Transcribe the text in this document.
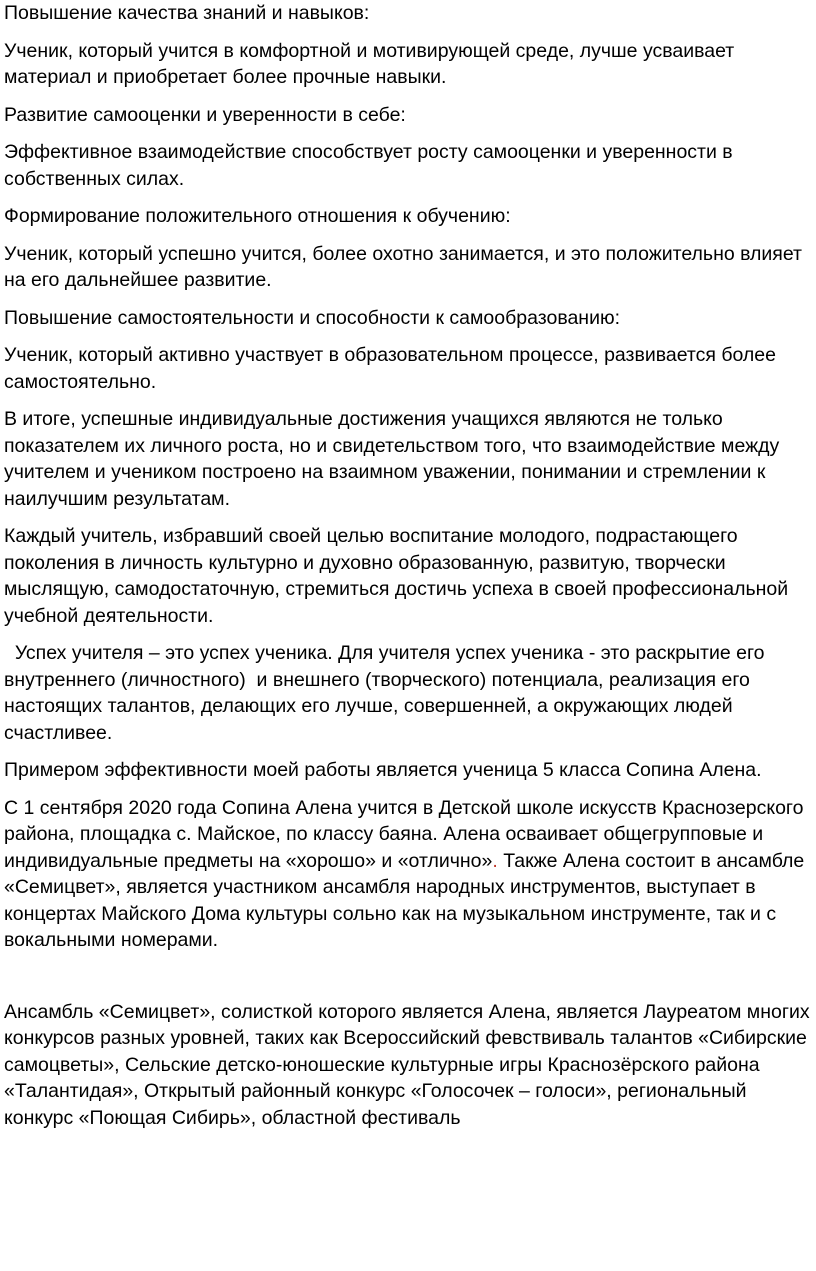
Повышение качества знаний и навыков:

Ученик, который учится в комфортной и мотивирующей среде, лучше усваивает материал и приобретает более прочные навыки.

Развитие самооценки и уверенности в себе:

Эффективное взаимодействие способствует росту самооценки и уверенности в собственных силах.

Формирование положительного отношения к обучению:

Ученик, который успешно учится, более охотно занимается, и это положительно влияет на его дальнейшее развитие.

Повышение самостоятельности и способности к самообразованию:

Ученик, который активно участвует в образовательном процессе, развивается более самостоятельно.

В итоге, успешные индивидуальные достижения учащихся являются не только показателем их личного роста, но и свидетельством того, что взаимодействие между учителем и учеником построено на взаимном уважении, понимании и стремлении к наилучшим результатам.

Каждый учитель, избравший своей целью воспитание молодого, подрастающего поколения в личность культурно и духовно образованную, развитую, творчески мыслящую, самодостаточную, стремиться достичь успеха в своей профессиональной учебной деятельности.

Успех учителя – это успех ученика. Для учителя успех ученика - это раскрытие его внутреннего (личностного)  и внешнего (творческого) потенциала, реализация его настоящих талантов, делающих его лучше, совершенней, а окружающих людей счастливее.

Примером эффективности моей работы является ученица 5 класса Сопина Алена.

С 1 сентября 2020 года Сопина Алена учится в Детской школе искусств Краснозерского района, площадка с. Майское, по классу баяна. Алена осваивает общегрупповые и индивидуальные предметы на «хорошо» и «отлично». Также Алена состоит в ансамбле «Семицвет», является участником ансамбля народных инструментов, выступает в концертах Майского Дома культуры сольно как на музыкальном инструменте, так и с вокальными номерами.

Ансамбль «Семицвет», солисткой которого является Алена, является Лауреатом многих конкурсов разных уровней, таких как Всероссийский февствиваль талантов «Сибирские самоцветы», Сельские детско-юношеские культурные игры Краснозёрского района «Талантидая», Открытый районный конкурс «Голосочек – голоси», региональный конкурс «Поющая Сибирь», областной фестиваль
